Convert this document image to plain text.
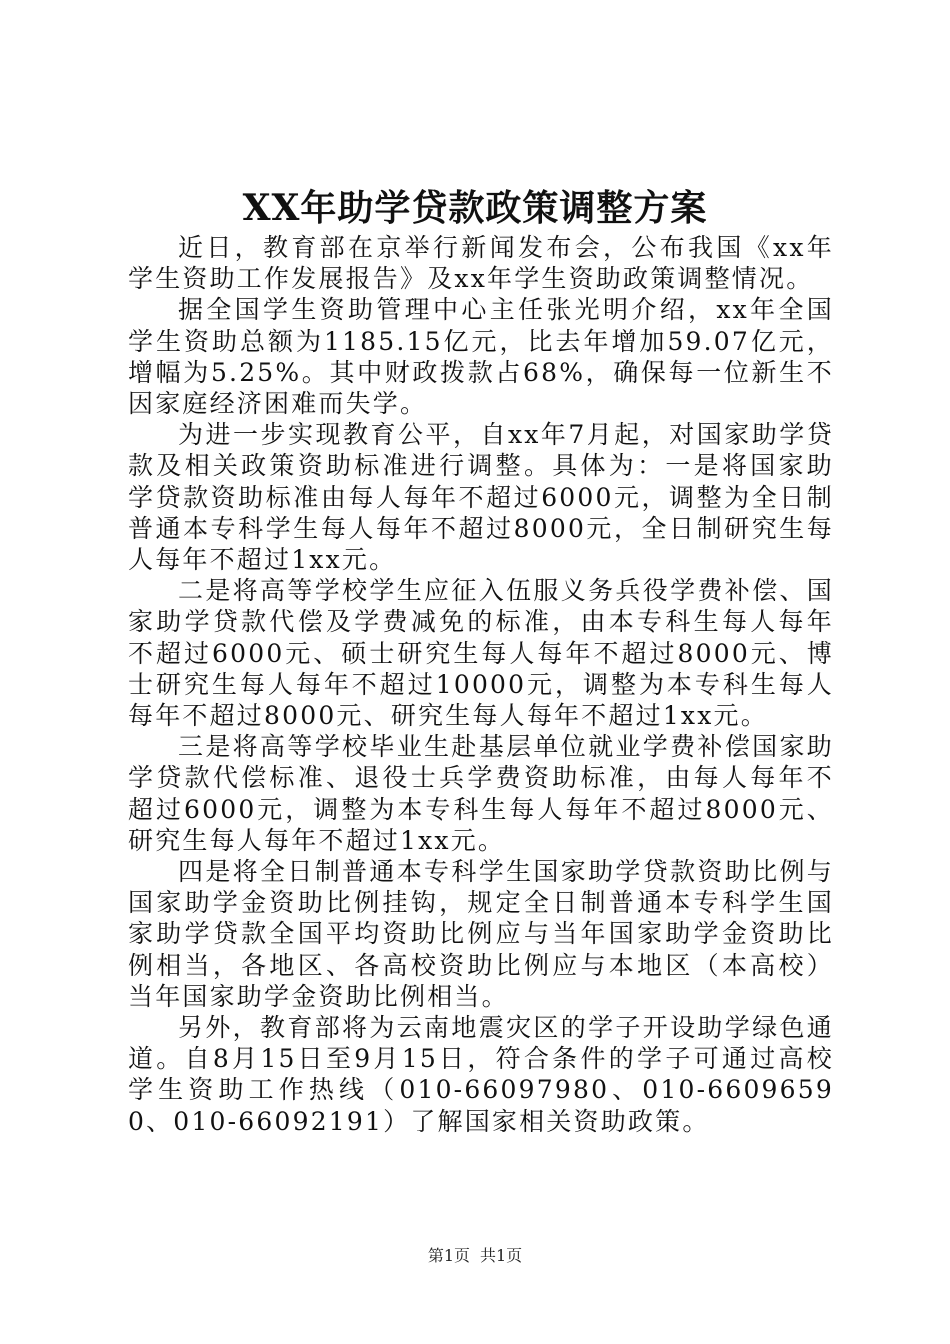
XX年助学贷款政策调整方案

近日，教育部在京举行新闻发布会，公布我国《xx年学生资助工作发展报告》及xx年学生资助政策调整情况。

据全国学生资助管理中心主任张光明介绍，xx年全国学生资助总额为1185.15亿元，比去年增加59.07亿元，增幅为5.25%。其中财政拨款占68%，确保每一位新生不因家庭经济困难而失学。

为进一步实现教育公平，自xx年7月起，对国家助学贷款及相关政策资助标准进行调整。具体为：一是将国家助学贷款资助标准由每人每年不超过6000元，调整为全日制普通本专科学生每人每年不超过8000元，全日制研究生每人每年不超过1xx元。

二是将高等学校学生应征入伍服义务兵役学费补偿、国家助学贷款代偿及学费减免的标准，由本专科生每人每年不超过6000元、硕士研究生每人每年不超过8000元、博士研究生每人每年不超过10000元，调整为本专科生每人每年不超过8000元、研究生每人每年不超过1xx元。

三是将高等学校毕业生赴基层单位就业学费补偿国家助学贷款代偿标准、退役士兵学费资助标准，由每人每年不超过6000元，调整为本专科生每人每年不超过8000元、研究生每人每年不超过1xx元。

四是将全日制普通本专科学生国家助学贷款资助比例与国家助学金资助比例挂钩，规定全日制普通本专科学生国家助学贷款全国平均资助比例应与当年国家助学金资助比例相当，各地区、各高校资助比例应与本地区（本高校）当年国家助学金资助比例相当。

另外，教育部将为云南地震灾区的学子开设助学绿色通道。自8月15日至9月15日，符合条件的学子可通过高校学生资助工作热线（010-66097980、010-66096590、010-66092191）了解国家相关资助政策。

第1页 共1页
